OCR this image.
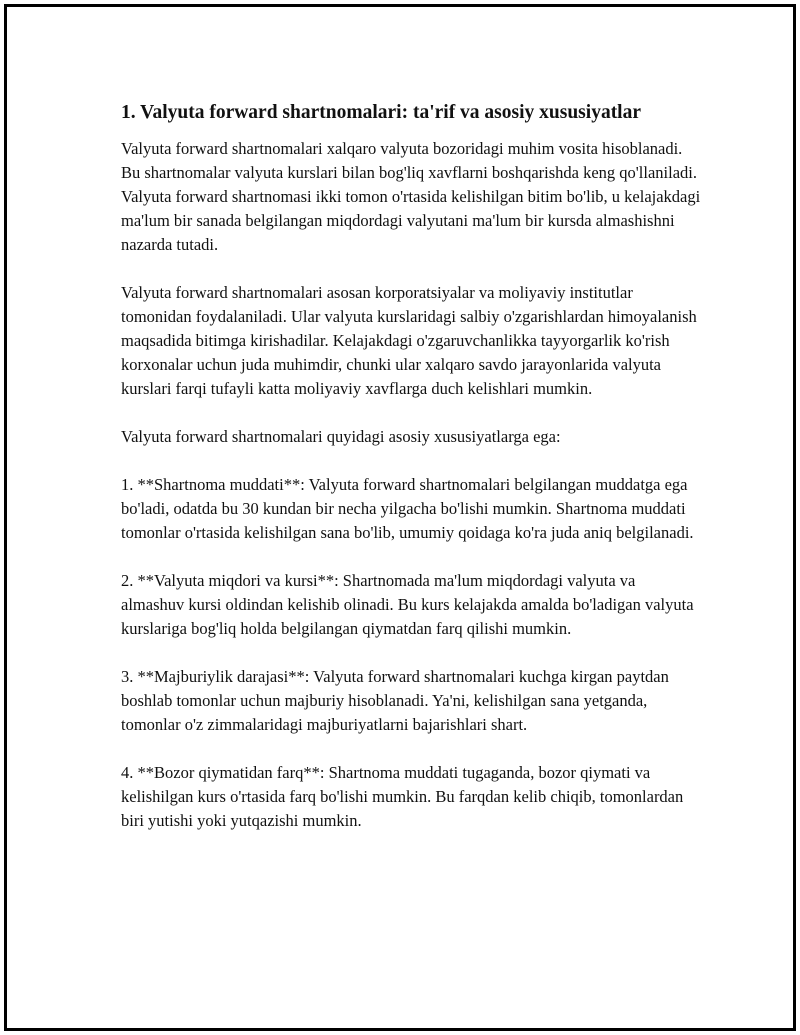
1. Valyuta forward shartnomalari: ta'rif va asosiy xususiyatlar

Valyuta forward shartnomalari xalqaro valyuta bozoridagi muhim vosita hisoblanadi. Bu shartnomalar valyuta kurslari bilan bog'liq xavflarni boshqarishda keng qo'llaniladi. Valyuta forward shartnomasi ikki tomon o'rtasida kelishilgan bitim bo'lib, u kelajakdagi ma'lum bir sanada belgilangan miqdordagi valyutani ma'lum bir kursda almashishni nazarda tutadi.

Valyuta forward shartnomalari asosan korporatsiyalar va moliyaviy institutlar tomonidan foydalaniladi. Ular valyuta kurslaridagi salbiy o'zgarishlardan himoyalanish maqsadida bitimga kirishadilar. Kelajakdagi o'zgaruvchanlikka tayyorgarlik ko'rish korxonalar uchun juda muhimdir, chunki ular xalqaro savdo jarayonlarida valyuta kurslari farqi tufayli katta moliyaviy xavflarga duch kelishlari mumkin.

Valyuta forward shartnomalari quyidagi asosiy xususiyatlarga ega:

1. **Shartnoma muddati**: Valyuta forward shartnomalari belgilangan muddatga ega bo'ladi, odatda bu 30 kundan bir necha yilgacha bo'lishi mumkin. Shartnoma muddati tomonlar o'rtasida kelishilgan sana bo'lib, umumiy qoidaga ko'ra juda aniq belgilanadi.

2. **Valyuta miqdori va kursi**: Shartnomada ma'lum miqdordagi valyuta va almashuv kursi oldindan kelishib olinadi. Bu kurs kelajakda amalda bo'ladigan valyuta kurslariga bog'liq holda belgilangan qiymatdan farq qilishi mumkin.

3. **Majburiylik darajasi**: Valyuta forward shartnomalari kuchga kirgan paytdan boshlab tomonlar uchun majburiy hisoblanadi. Ya'ni, kelishilgan sana yetganda, tomonlar o'z zimmalaridagi majburiyatlarni bajarishlari shart.

4. **Bozor qiymatidan farq**: Shartnoma muddati tugaganda, bozor qiymati va kelishilgan kurs o'rtasida farq bo'lishi mumkin. Bu farqdan kelib chiqib, tomonlardan biri yutishi yoki yutqazishi mumkin.
